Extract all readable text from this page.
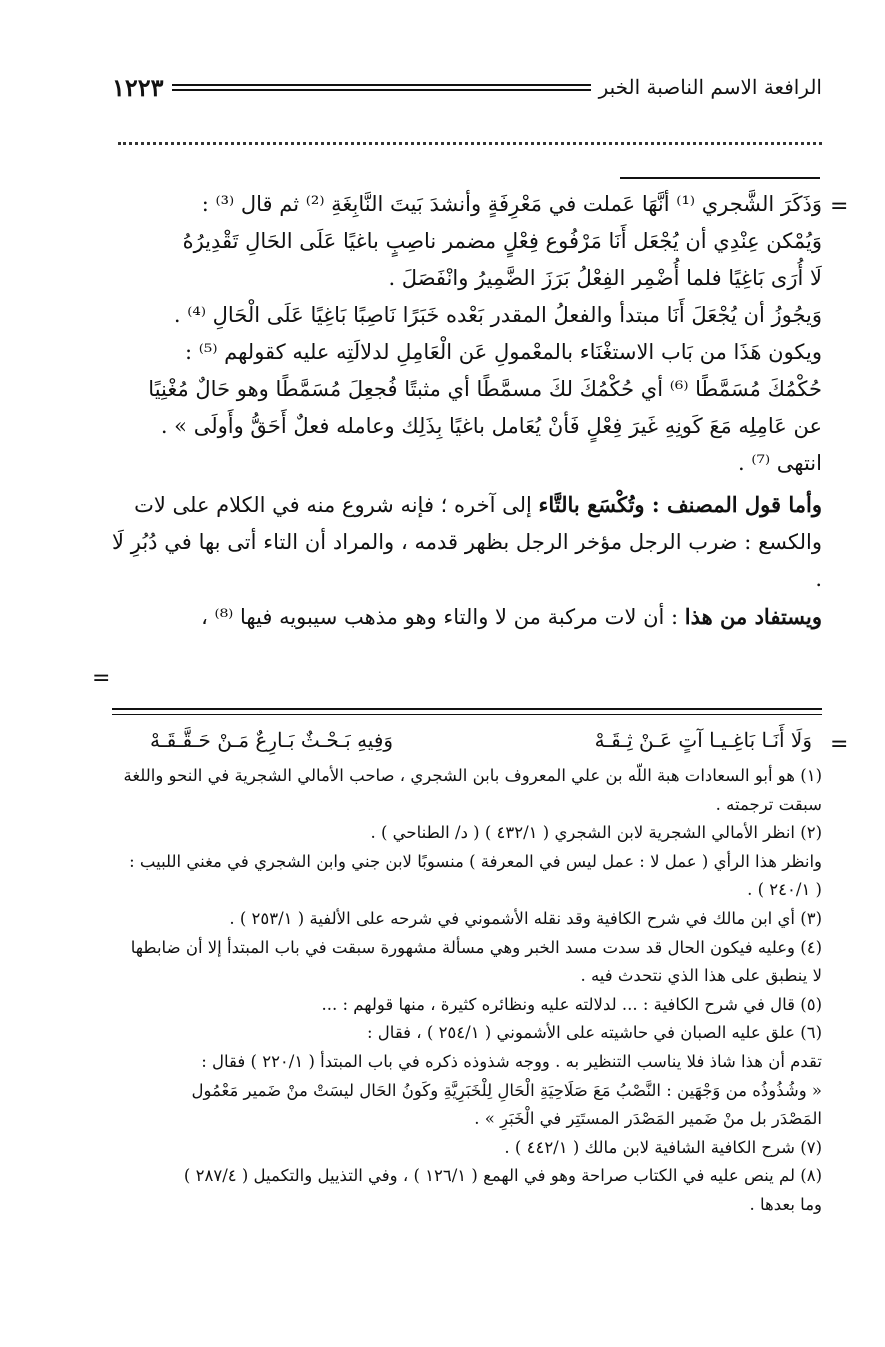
الرافعة الاسم الناصبة الخبر
١٢٢٣
=

وَذَكَرَ الشَّجري ⁽¹⁾ أنَّهَا عَملت في مَعْرِفَةٍ وأنشدَ بَيتَ النَّابِغَةِ ⁽²⁾ ثم قال ⁽³⁾ :

وَيُمْكن عِنْدِي أن يُجْعَل أَنَا مَرْفُوع فِعْلٍ مضمر ناصِبٍ باغيًا عَلَى الحَالِ تَقْدِيرُهُ

لَا أُرَى بَاغِيًا فلما أُضْمِر الفِعْلُ بَرَزَ الضَّمِيرُ وانْفَصَلَ .

وَيجُوزُ أن يُجْعَلَ أَنَا مبتدأ والفعلُ المقدر بَعْده خَبَرًا نَاصِبًا بَاغِيًا عَلَى الْحَالِ ⁽⁴⁾ .

ويكون هَذَا من بَاب الاستغْنَاء بالمعْمولِ عَن الْعَامِلِ لدلالَتِه عليه كقولهم ⁽⁵⁾ :

حُكْمُكَ مُسَمَّطًا ⁽⁶⁾ أي حُكْمُكَ لكَ مسمَّطًا أي مثبتًا فُجعِلَ مُسَمَّطًا وهو حَالٌ مُغْنِيًا

عن عَامِلِه مَعَ كَونِهِ غَيرَ فِعْلٍ فَأنْ يُعَامل باغيًا بِذَلِك وعامله فعلٌ أَحَقُّ وأَولَى » .

انتهى ⁽⁷⁾ .

وأما قول المصنف : وتُكْسَع بالتَّاء إلى آخره ؛ فإنه شروع منه في الكلام على لات

والكسع : ضرب الرجل مؤخر الرجل بظهر قدمه ، والمراد أن التاء أتى بها في دُبُرِ لَا .

ويستفاد من هذا : أن لات مركبة من لا والتاء وهو مذهب سيبويه فيها ⁽⁸⁾ ،

=
=
وَلَا أَنَـا بَاغِـيـا آتٍ عَـنْ ثِـقَـهْ
وَفِيهِ بَـحْـثٌ بَـارِعٌ مَـنْ حَـقَّـقَـهْ

(١) هو أبو السعادات هبة اللّه بن علي المعروف بابن الشجري ، صاحب الأمالي الشجرية في النحو واللغة

سبقت ترجمته .

(٢) انظر الأمالي الشجرية لابن الشجري ( ٤٣٢/١ ) ( د/ الطناحي ) .

وانظر هذا الرأي ( عمل لا : عمل ليس في المعرفة ) منسوبًا لابن جني وابن الشجري في مغني اللبيب :

( ٢٤٠/١ ) .

(٣) أي ابن مالك في شرح الكافية وقد نقله الأشموني في شرحه على الألفية ( ٢٥٣/١ ) .

(٤) وعليه فيكون الحال قد سدت مسد الخبر وهي مسألة مشهورة سبقت في باب المبتدأ إلا أن ضابطها

لا ينطبق على هذا الذي نتحدث فيه .

(٥) قال في شرح الكافية : ... لدلالته عليه ونظائره كثيرة ، منها قولهم : ...

(٦) علق عليه الصبان في حاشيته على الأشموني ( ٢٥٤/١ ) ، فقال :

تقدم أن هذا شاذ فلا يناسب التنظير به . ووجه شذوذه ذكره في باب المبتدأ ( ٢٢٠/١ ) فقال :

« وشُذُوذُه من وَجْهَين : النَّصْبُ مَعَ صَلَاحِيَةِ الْحَالِ لِلْخَبَرِيَّةِ وكَونُ الحَال ليسَتْ منْ ضَمير مَعْمُول

المَصْدَر بل منْ ضَمير المَصْدَر المستَتِر في الْخَبَرِ » .

(٧) شرح الكافية الشافية لابن مالك ( ٤٤٢/١ ) .

(٨) لم ينص عليه في الكتاب صراحة وهو في الهمع ( ١٢٦/١ ) ، وفي التذييل والتكميل ( ٢٨٧/٤ )

وما بعدها .
